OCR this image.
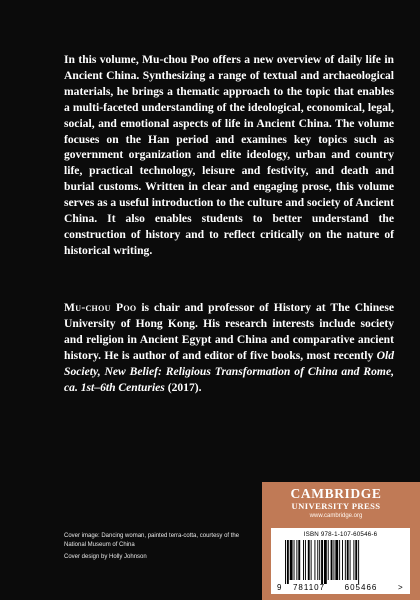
In this volume, Mu-chou Poo offers a new overview of daily life in Ancient China. Synthesizing a range of textual and archaeological materials, he brings a thematic approach to the topic that enables a multi-faceted understanding of the ideological, economical, legal, social, and emotional aspects of life in Ancient China. The volume focuses on the Han period and examines key topics such as government organization and elite ideology, urban and country life, practical technology, leisure and festivity, and death and burial customs. Written in clear and engaging prose, this volume serves as a useful introduction to the culture and society of Ancient China. It also enables students to better understand the construction of history and to reflect critically on the nature of historical writing.

Mu-chou Poo is chair and professor of History at The Chinese University of Hong Kong. His research interests include society and religion in Ancient Egypt and China and comparative ancient history. He is author of and editor of five books, most recently Old Society, New Belief: Religious Transformation of China and Rome, ca. 1st–6th Centuries (2017).

Cover image: Dancing woman, painted terra-cotta, courtesy of the National Museum of China

Cover design by Holly Johnson

CAMBRIDGE
UNIVERSITY PRESS
www.cambridge.org
ISBN 978-1-107-60546-6
9 781107 605466	>
